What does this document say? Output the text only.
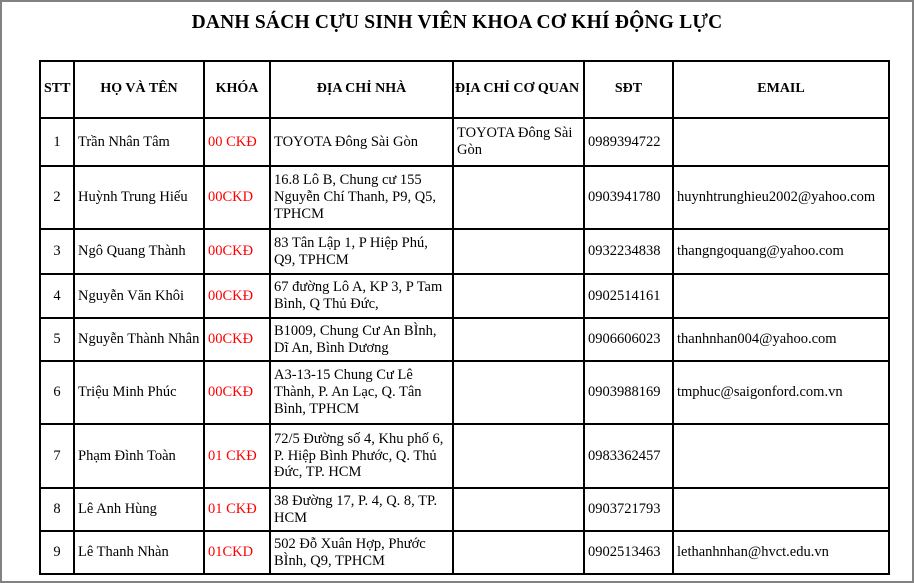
DANH SÁCH CỰU SINH VIÊN KHOA CƠ KHÍ ĐỘNG LỰC
STT	HỌ VÀ TÊN	KHÓA	ĐỊA CHỈ NHÀ	ĐỊA CHỈ CƠ QUAN	SĐT	EMAIL
1	Trần Nhân Tâm	00 CKĐ	TOYOTA Đông Sài Gòn	TOYOTA Đông Sài Gòn	0989394722	
2	Huỳnh Trung Hiếu	00CKD	16.8 Lô B, Chung cư 155 Nguyễn Chí Thanh, P9, Q5, TPHCM		0903941780	huynhtrunghieu2002@yahoo.com
3	Ngô Quang Thành	00CKĐ	83 Tân Lập 1, P Hiệp Phú, Q9, TPHCM		0932234838	thangngoquang@yahoo.com
4	Nguyễn Văn Khôi	00CKĐ	67 đường Lô A, KP 3, P Tam Bình, Q Thủ Đức,		0902514161	
5	Nguyễn Thành Nhân	00CKĐ	B1009, Chung Cư An BÌnh, Dĩ An, Bình Dương		0906606023	thanhnhan004@yahoo.com
6	Triệu Minh Phúc	00CKĐ	A3-13-15 Chung Cư Lê Thành, P. An Lạc, Q. Tân Bình, TPHCM		0903988169	tmphuc@saigonford.com.vn
7	Phạm Đình Toàn	01 CKĐ	72/5 Đường số 4, Khu phố 6, P. Hiệp Bình Phước, Q. Thủ Đức, TP. HCM		0983362457	
8	Lê Anh Hùng	01 CKĐ	38 Đường 17, P. 4, Q. 8, TP. HCM		0903721793	
9	Lê Thanh Nhàn	01CKD	502 Đỗ Xuân Hợp, Phước BÌnh, Q9, TPHCM		0902513463	lethanhnhan@hvct.edu.vn
